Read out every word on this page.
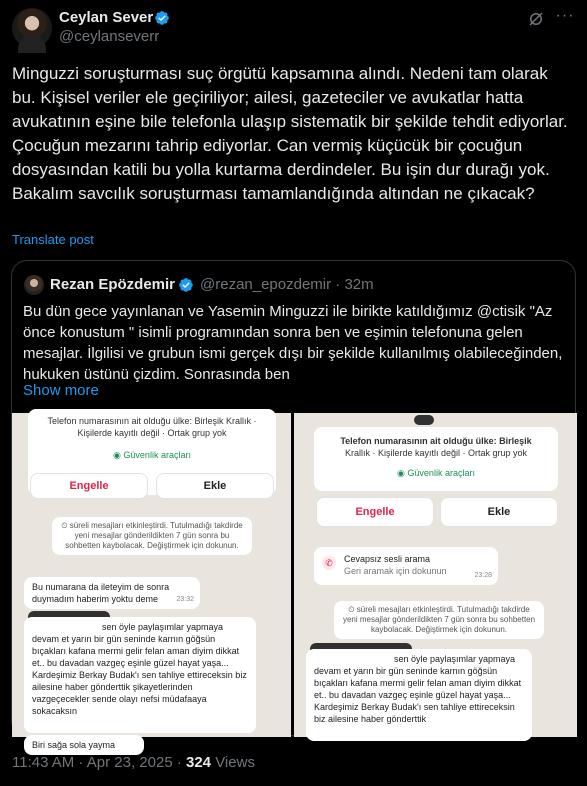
Ceylan Sever
@ceylanseverr
···
Minguzzi soruşturması suç örgütü kapsamına alındı. Nedeni tam olarak bu. Kişisel veriler ele geçiriliyor; ailesi, gazeteciler ve avukatlar hatta avukatının eşine bile telefonla ulaşıp sistematik bir şekilde tehdit ediyorlar. Çocuğun mezarını tahrip ediyorlar. Can vermiş küçücük bir çocuğun dosyasından katili bu yolla kurtarma derdindeler. Bu işin dur durağı yok. Bakalım savcılık soruşturması tamamlandığında altından ne çıkacak?
Translate post
Rezan Epözdemir @rezan_epozdemir · 32m
Bu dün gece yayınlanan ve Yasemin Minguzzi ile birikte katıldığımız @ctisik "Az önce konustum " isimli programından sonra ben ve eşimin telefonuna gelen mesajlar. İlgilisi ve grubun ismi gerçek dışı bir şekilde kullanılmış olabileceğinden, hukuken üstünü çizdim. Sonrasında ben
Show more
Telefon numarasının ait olduğu ülke: Birleşik Krallık ·
Kişilerde kayıtlı değil · Ortak grup yok
◉ Güvenlik araçları
Engelle	Ekle
⏲ süreli mesajları etkinleştirdi. Tutulmadığı takdirde yeni mesajlar gönderildikten 7 gün sonra bu sohbetten kaybolacak. Değiştirmek için dokunun.
Bu numarana da ileteyim de sonra duymadım haberim yoktu deme	23:32
sen öyle paylaşımlar yapmaya devam et yarın bir gün seninde karnın göğsün bıçakları kafana mermi gelir felan aman diyim dikkat et.. bu davadan vazgeç eşinle güzel hayat yaşa... Kardeşimiz Berkay Budak'ı sen tahliye ettireceksin biz ailesine haber gönderttik şikayetlerinden vazgeçecekler sende olayı nefsi müdafaaya sokacaksın
Biri sağa sola yayma
Telefon numarasının ait olduğu ülke: Birleşik
Krallık · Kişilerde kayıtlı değil · Ortak grup yok
◉ Güvenlik araçları
Engelle	Ekle
✆	Cevapsız sesli arama
Geri aramak için dokunun	23:28
⏲ süreli mesajları etkinleştirdi. Tutulmadığı takdirde yeni mesajlar gönderildikten 7 gün sonra bu sohbetten kaybolacak. Değiştirmek için dokunun.
sen öyle paylaşımlar yapmaya devam et yarın bir gün seninde karnın göğsün bıçakları kafana mermi gelir felan aman diyim dikkat et.. bu davadan vazgeç eşinle güzel hayat yaşa... Kardeşimiz Berkay Budak'ı sen tahliye ettireceksin biz ailesine haber gönderttik
11:43 AM · Apr 23, 2025 · 324 Views
